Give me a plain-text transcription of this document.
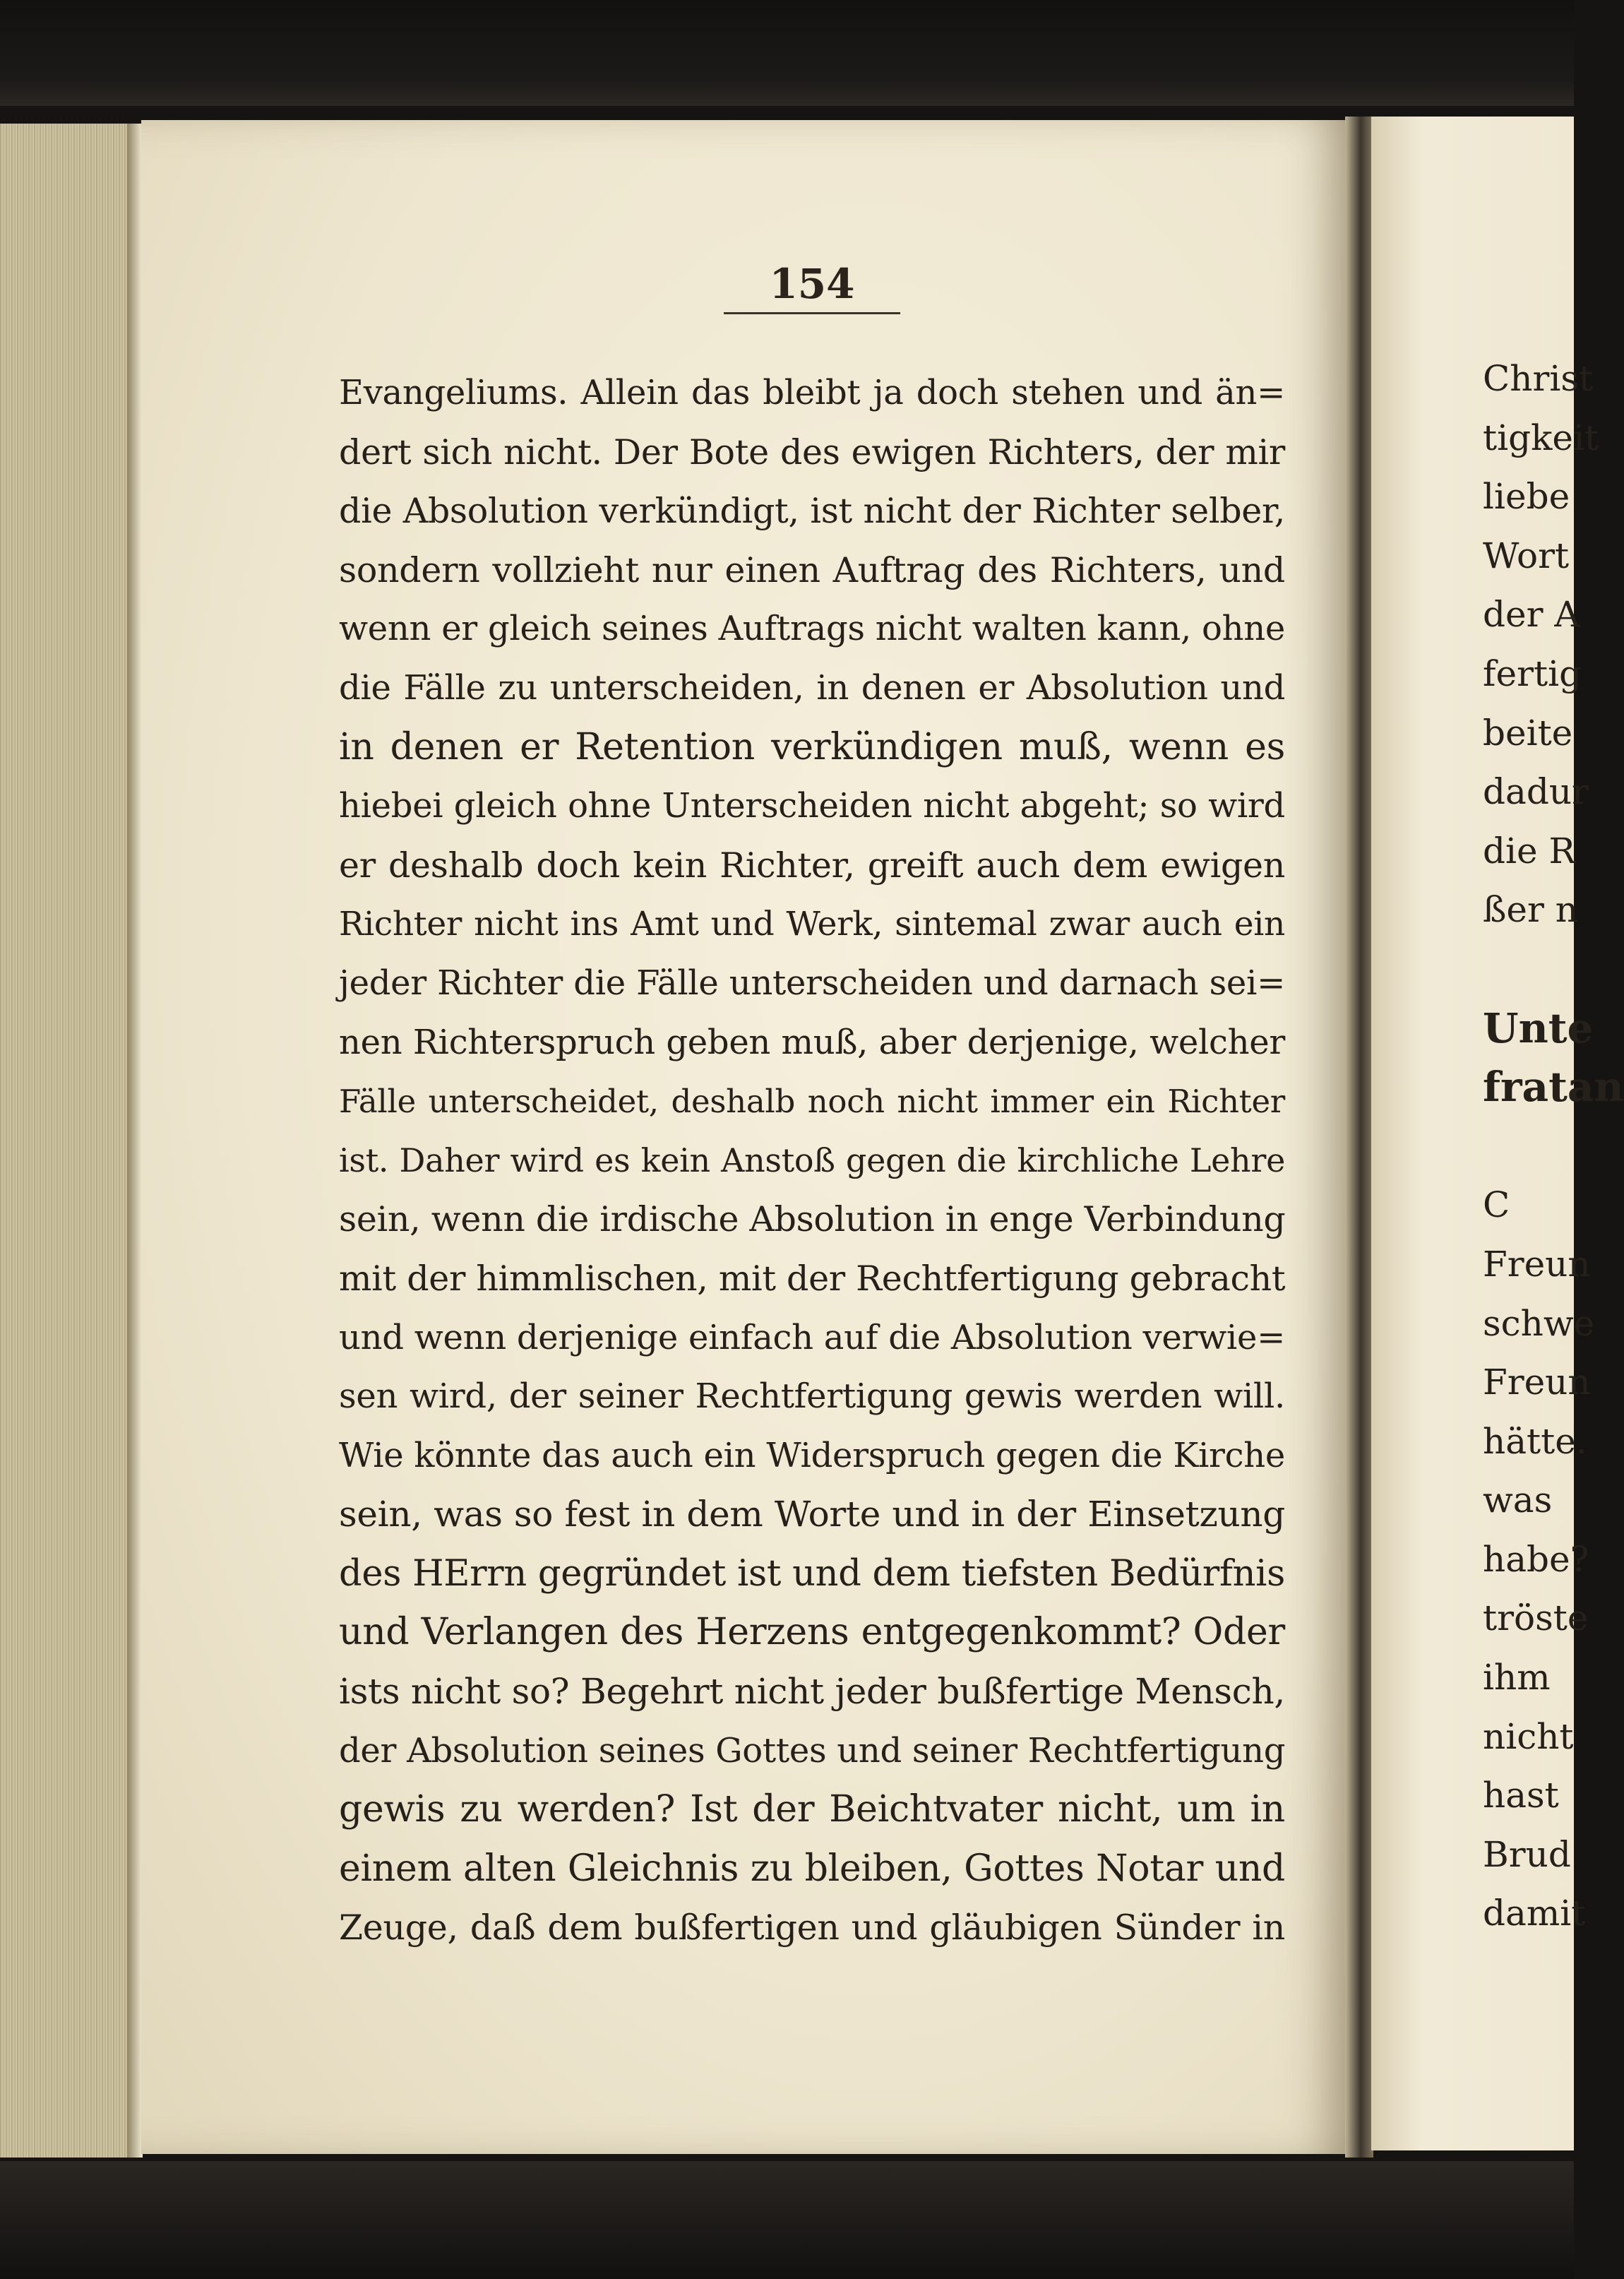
154
Evangeliums. Allein das bleibt ja doch stehen und än=
dert sich nicht. Der Bote des ewigen Richters, der mir
die Absolution verkündigt, ist nicht der Richter selber,
sondern vollzieht nur einen Auftrag des Richters, und
wenn er gleich seines Auftrags nicht walten kann, ohne
die Fälle zu unterscheiden, in denen er Absolution und
in denen er Retention verkündigen muß, wenn es
hiebei gleich ohne Unterscheiden nicht abgeht; so wird
er deshalb doch kein Richter, greift auch dem ewigen
Richter nicht ins Amt und Werk, sintemal zwar auch ein
jeder Richter die Fälle unterscheiden und darnach sei=
nen Richterspruch geben muß, aber derjenige, welcher
Fälle unterscheidet, deshalb noch nicht immer ein Richter
ist. Daher wird es kein Anstoß gegen die kirchliche Lehre
sein, wenn die irdische Absolution in enge Verbindung
mit der himmlischen, mit der Rechtfertigung gebracht
und wenn derjenige einfach auf die Absolution verwie=
sen wird, der seiner Rechtfertigung gewis werden will.
Wie könnte das auch ein Widerspruch gegen die Kirche
sein, was so fest in dem Worte und in der Einsetzung
des HErrn gegründet ist und dem tiefsten Bedürfnis
und Verlangen des Herzens entgegenkommt? Oder
ists nicht so? Begehrt nicht jeder bußfertige Mensch,
der Absolution seines Gottes und seiner Rechtfertigung
gewis zu werden? Ist der Beichtvater nicht, um in
einem alten Gleichnis zu bleiben, Gottes Notar und
Zeuge, daß dem bußfertigen und gläubigen Sünder in
Christ
tigkeit
liebe
Wort
der A
fertig
beite
dadur
die R
ßer n
Unte
fratan
C
Freun
schwe
Freun
hätte.
was
habe?
tröste
ihm
nicht
hast
Brud
damit
